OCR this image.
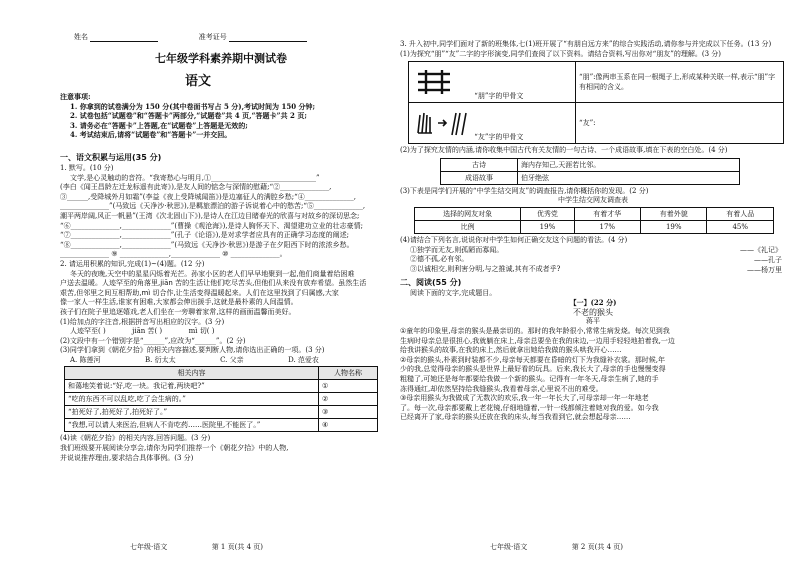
姓名	准考证号
七年级学科素养期中测试卷
语文

注意事项:

1. 你拿到的试卷满分为 150 分(其中卷面书写占 5 分),考试时间为 150 分钟;

2. 试卷包括“试题卷”和“答题卡”两部分,“试题卷”共 4 页,“答题卡”共 2 页;

3. 请务必在“答题卡”上答题,在“试题卷”上答题是无效的;

4. 考试结束后,请将“试题卷”和“答题卡”一并交回。

一、语文积累与运用(35 分)

1. 默写。(10 分)

文学,是心灵触动的音符。“我寄愁心与明月,①______________________________”

(李白《闻王昌龄左迁龙标遥有此寄》),是友人间的惦念与深情的慰藉;“②______________,

③______,受降城外月如霜”(李益《夜上受降城闻笛》)是边塞征人的满腔乡愁;“④______________,

______________”(马致远《天净沙·秋思》),是羁旅漂泊的游子诉说着心中的愁苦;“⑤______________,

潮平两岸阔,风正一帆悬”(王湾《次北固山下》),是诗人在江边目睹春光的欣喜与对故乡的深切思念;

“⑥______________,______________”(曹操《观沧海》),是诗人胸怀天下、渴望建功立业的壮志豪情;

“⑦______________,______________”(孔子《论语》),是对求学者应具有的正确学习态度的阐述;

“⑧______________,______________”(马致远《天净沙·秋思》)是游子在夕阳西下时的浓浓乡愁。

______________ ⑨ ______________,______________ ⑩ ______________。

2. 请运用积累的知识,完成(1)~(4)题。(12 分)

冬天的夜晚,天空中的星星闪烁着光芒。孙家小区的老人们早早地聚到一起,他们商量着给困难

户送去温暖。人迹罕至的角落里,jiān 苦的生活让他们吃尽苦头,但他们从来没有放弃希望。虽然生活

艰苦,但邻里之间互相帮助,mì 切合作,让生活变得温暖起来。人们在这里找到了归属感,大家

像一家人一样生活,谁家有困难,大家都会伸出援手,这就是最朴素的人间温情。

孩子们在院子里追逐嬉戏,老人们坐在一旁聊着家常,这样的画面温馨而美好。

(1)给加点的字注音,根据拼音写出相应的汉字。(3 分)

人迹罕至( )	jiān 苦( )	mì 切( )

(2)文段中有一个错别字是“______”,应改为“______”。(2 分)

(3)同学们拿到《朝花夕拾》的相关内容描述,要判断人物,请你选出正确的一项。(3 分)

A. 陈莲河	B. 衍太太	C. 父亲	D. 范爱农

相关内容	人物名称
和蔼地笑着说:“好,吃一块。我记着,两块吧?”	①
“吃的东西不可以乱吃,吃了会生病的。”	②
“拍死好了,拍死好了,拍死好了。”	③
“我想,可以请人来医治,但病人不肯吃药……医院里,不能医了。”	④

(4)读《朝花夕拾》的相关内容,回答问题。(3 分)

我们班级要开展阅读分享会,请你为同学们推荐一个《朝花夕拾》中的人物,

并说说推荐理由,要求结合具体事例。(3 分)

七年级·语文	第 1 页(共 4 页)

3. 升入初中,同学们面对了新的班集体,七(1)班开展了“有朋自远方来”的综合实践活动,请你参与并完成以下任务。(13 分)

(1)为探究“朋”“友”二字的字形演变,同学们查阅了以下资料。请结合资料,写出你对“朋友”的理解。(3 分)

“朋”字的甲骨文	“朋”:像两串玉系在同一根绳子上,形成某种关联一样,表示“朋”字有相同的含义。
“友”字的甲骨文	“友”:

(2)为了探究友情的内涵,请你收集中国古代有关友情的一句古诗、一个成语故事,填在下表的空白处。(4 分)

古诗	海内存知己,天涯若比邻。
成语故事	伯牙绝弦

(3)下表是同学们开展的“中学生结交网友”的调查报告,请你概括你的发现。(2 分)

中学生结交网友调查表

选择的网友对象	优秀党	有着才华	有着外貌	有着人品
比例	19%	17%	19%	45%

(4)请结合下列名言,说说你对中学生如何正确交友这个问题的看法。(4 分)

①独学而无友,则孤陋而寡闻。

②德不孤,必有邻。

③以诚相交,则利害分明,与之推诚,其有不成者乎?

——《礼记》
——孔子
——杨万里

二、阅读(55 分)

阅读下面的文字,完成题目。

【一】(22 分)

不老的猴头

蒋平

①童年的印象里,母亲的猴头是最亲切的。那时的我年龄很小,常常生病发烧。每次见到我

生病时母亲总是很担心,我就躺在床上,母亲总要坐在我的床边,一边用手轻轻地拍着我,一边

给我讲猴头的故事,在我的床上,然后就拿出她给我做的猴头哄我开心……

②母亲的猴头,朴素到时装都不少,母亲每天都要在昏暗的灯下为我缝补衣裳。那时候,年

少的我,总觉得母亲的猴头是世界上最好看的玩具。后来,我长大了,母亲的手也慢慢变得

粗糙了,可她还是每年都要给我做一个新的猴头。记得有一年冬天,母亲生病了,她的手

冻得通红,却依然坚持给我缝猴头,我看着母亲,心里说不出的难受。

③母亲用猴头为我做成了无数次的欢乐,我一年一年长大了,可母亲却一年一年地老

了。每一次,母亲都要戴上老花镜,仔细地缝着,一针一线都倾注着她对我的爱。如今我

已经离开了家,母亲的猴头还放在我的床头,每当我看到它,就会想起母亲……

七年级·语文	第 2 页(共 4 页)
